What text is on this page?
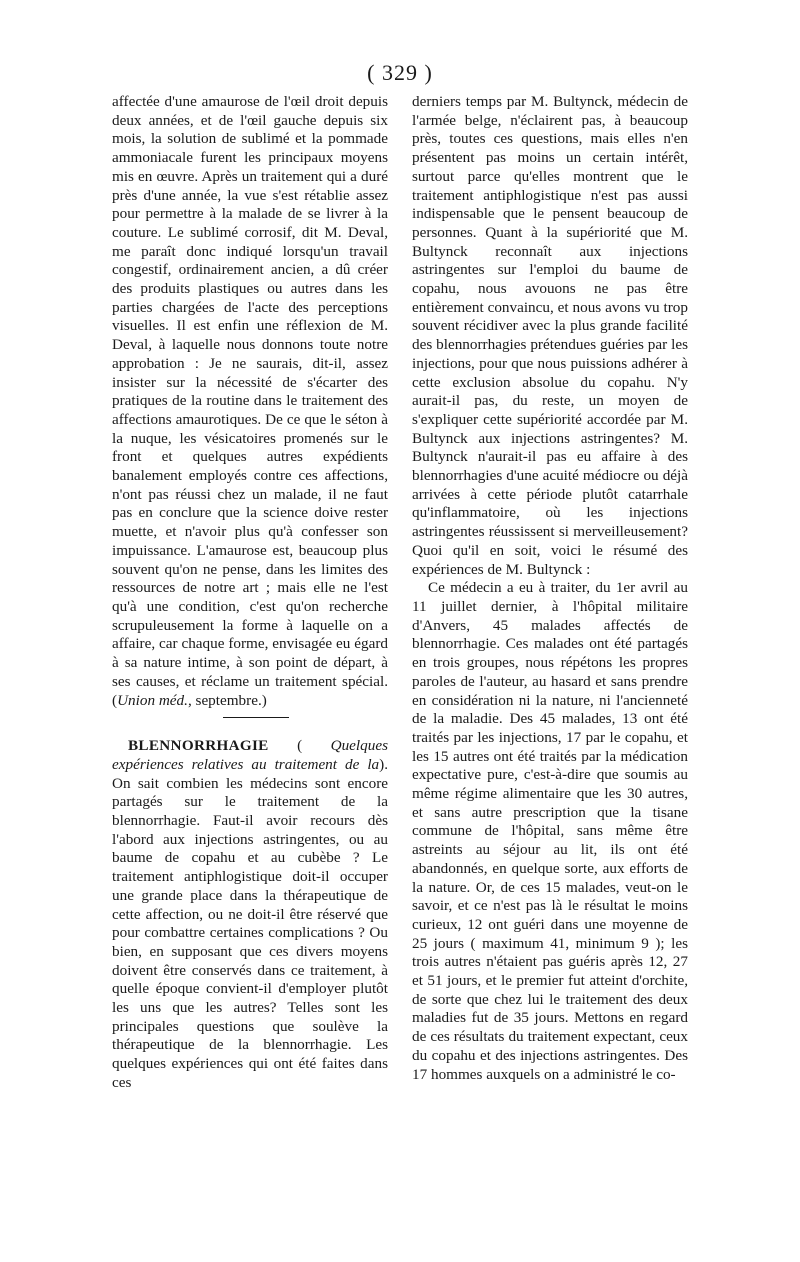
( 329 )

affectée d'une amaurose de l'œil droit depuis deux années, et de l'œil gauche depuis six mois, la solution de sublimé et la pommade ammoniacale furent les principaux moyens mis en œuvre. Après un traitement qui a duré près d'une année, la vue s'est rétablie assez pour permettre à la malade de se livrer à la couture. Le sublimé corrosif, dit M. Deval, me paraît donc indiqué lorsqu'un travail congestif, ordinairement ancien, a dû créer des produits plastiques ou autres dans les parties chargées de l'acte des perceptions visuelles. Il est enfin une réflexion de M. Deval, à laquelle nous donnons toute notre approbation : Je ne saurais, dit-il, assez insister sur la nécessité de s'écarter des pratiques de la routine dans le traitement des affections amaurotiques. De ce que le séton à la nuque, les vésicatoires promenés sur le front et quelques autres expédients banalement employés contre ces affections, n'ont pas réussi chez un malade, il ne faut pas en conclure que la science doive rester muette, et n'avoir plus qu'à confesser son impuissance. L'amaurose est, beaucoup plus souvent qu'on ne pense, dans les limites des ressources de notre art ; mais elle ne l'est qu'à une condition, c'est qu'on recherche scrupuleusement la forme à laquelle on a affaire, car chaque forme, envisagée eu égard à sa nature intime, à son point de départ, à ses causes, et réclame un traitement spécial. (Union méd., septembre.)

BLENNORRHAGIE ( Quelques expériences relatives au traitement de la). On sait combien les médecins sont encore partagés sur le traitement de la blennorrhagie. Faut-il avoir recours dès l'abord aux injections astringentes, ou au baume de copahu et au cubèbe ? Le traitement antiphlogistique doit-il occuper une grande place dans la thérapeutique de cette affection, ou ne doit-il être réservé que pour combattre certaines complications ? Ou bien, en supposant que ces divers moyens doivent être conservés dans ce traitement, à quelle époque convient-il d'employer plutôt les uns que les autres? Telles sont les principales questions que soulève la thérapeutique de la blennorrhagie. Les quelques expériences qui ont été faites dans ces

derniers temps par M. Bultynck, médecin de l'armée belge, n'éclairent pas, à beaucoup près, toutes ces questions, mais elles n'en présentent pas moins un certain intérêt, surtout parce qu'elles montrent que le traitement antiphlogistique n'est pas aussi indispensable que le pensent beaucoup de personnes. Quant à la supériorité que M. Bultynck reconnaît aux injections astringentes sur l'emploi du baume de copahu, nous avouons ne pas être entièrement convaincu, et nous avons vu trop souvent récidiver avec la plus grande facilité des blennorrhagies prétendues guéries par les injections, pour que nous puissions adhérer à cette exclusion absolue du copahu. N'y aurait-il pas, du reste, un moyen de s'expliquer cette supériorité accordée par M. Bultynck aux injections astringentes? M. Bultynck n'aurait-il pas eu affaire à des blennorrhagies d'une acuité médiocre ou déjà arrivées à cette période plutôt catarrhale qu'inflammatoire, où les injections astringentes réussissent si merveilleusement? Quoi qu'il en soit, voici le résumé des expériences de M. Bultynck :

Ce médecin a eu à traiter, du 1er avril au 11 juillet dernier, à l'hôpital militaire d'Anvers, 45 malades affectés de blennorrhagie. Ces malades ont été partagés en trois groupes, nous répétons les propres paroles de l'auteur, au hasard et sans prendre en considération ni la nature, ni l'ancienneté de la maladie. Des 45 malades, 13 ont été traités par les injections, 17 par le copahu, et les 15 autres ont été traités par la médication expectative pure, c'est-à-dire que soumis au même régime alimentaire que les 30 autres, et sans autre prescription que la tisane commune de l'hôpital, sans même être astreints au séjour au lit, ils ont été abandonnés, en quelque sorte, aux efforts de la nature. Or, de ces 15 malades, veut-on le savoir, et ce n'est pas là le résultat le moins curieux, 12 ont guéri dans une moyenne de 25 jours ( maximum 41, minimum 9 ); les trois autres n'étaient pas guéris après 12, 27 et 51 jours, et le premier fut atteint d'orchite, de sorte que chez lui le traitement des deux maladies fut de 35 jours. Mettons en regard de ces résultats du traitement expectant, ceux du copahu et des injections astringentes. Des 17 hommes auxquels on a administré le co-
